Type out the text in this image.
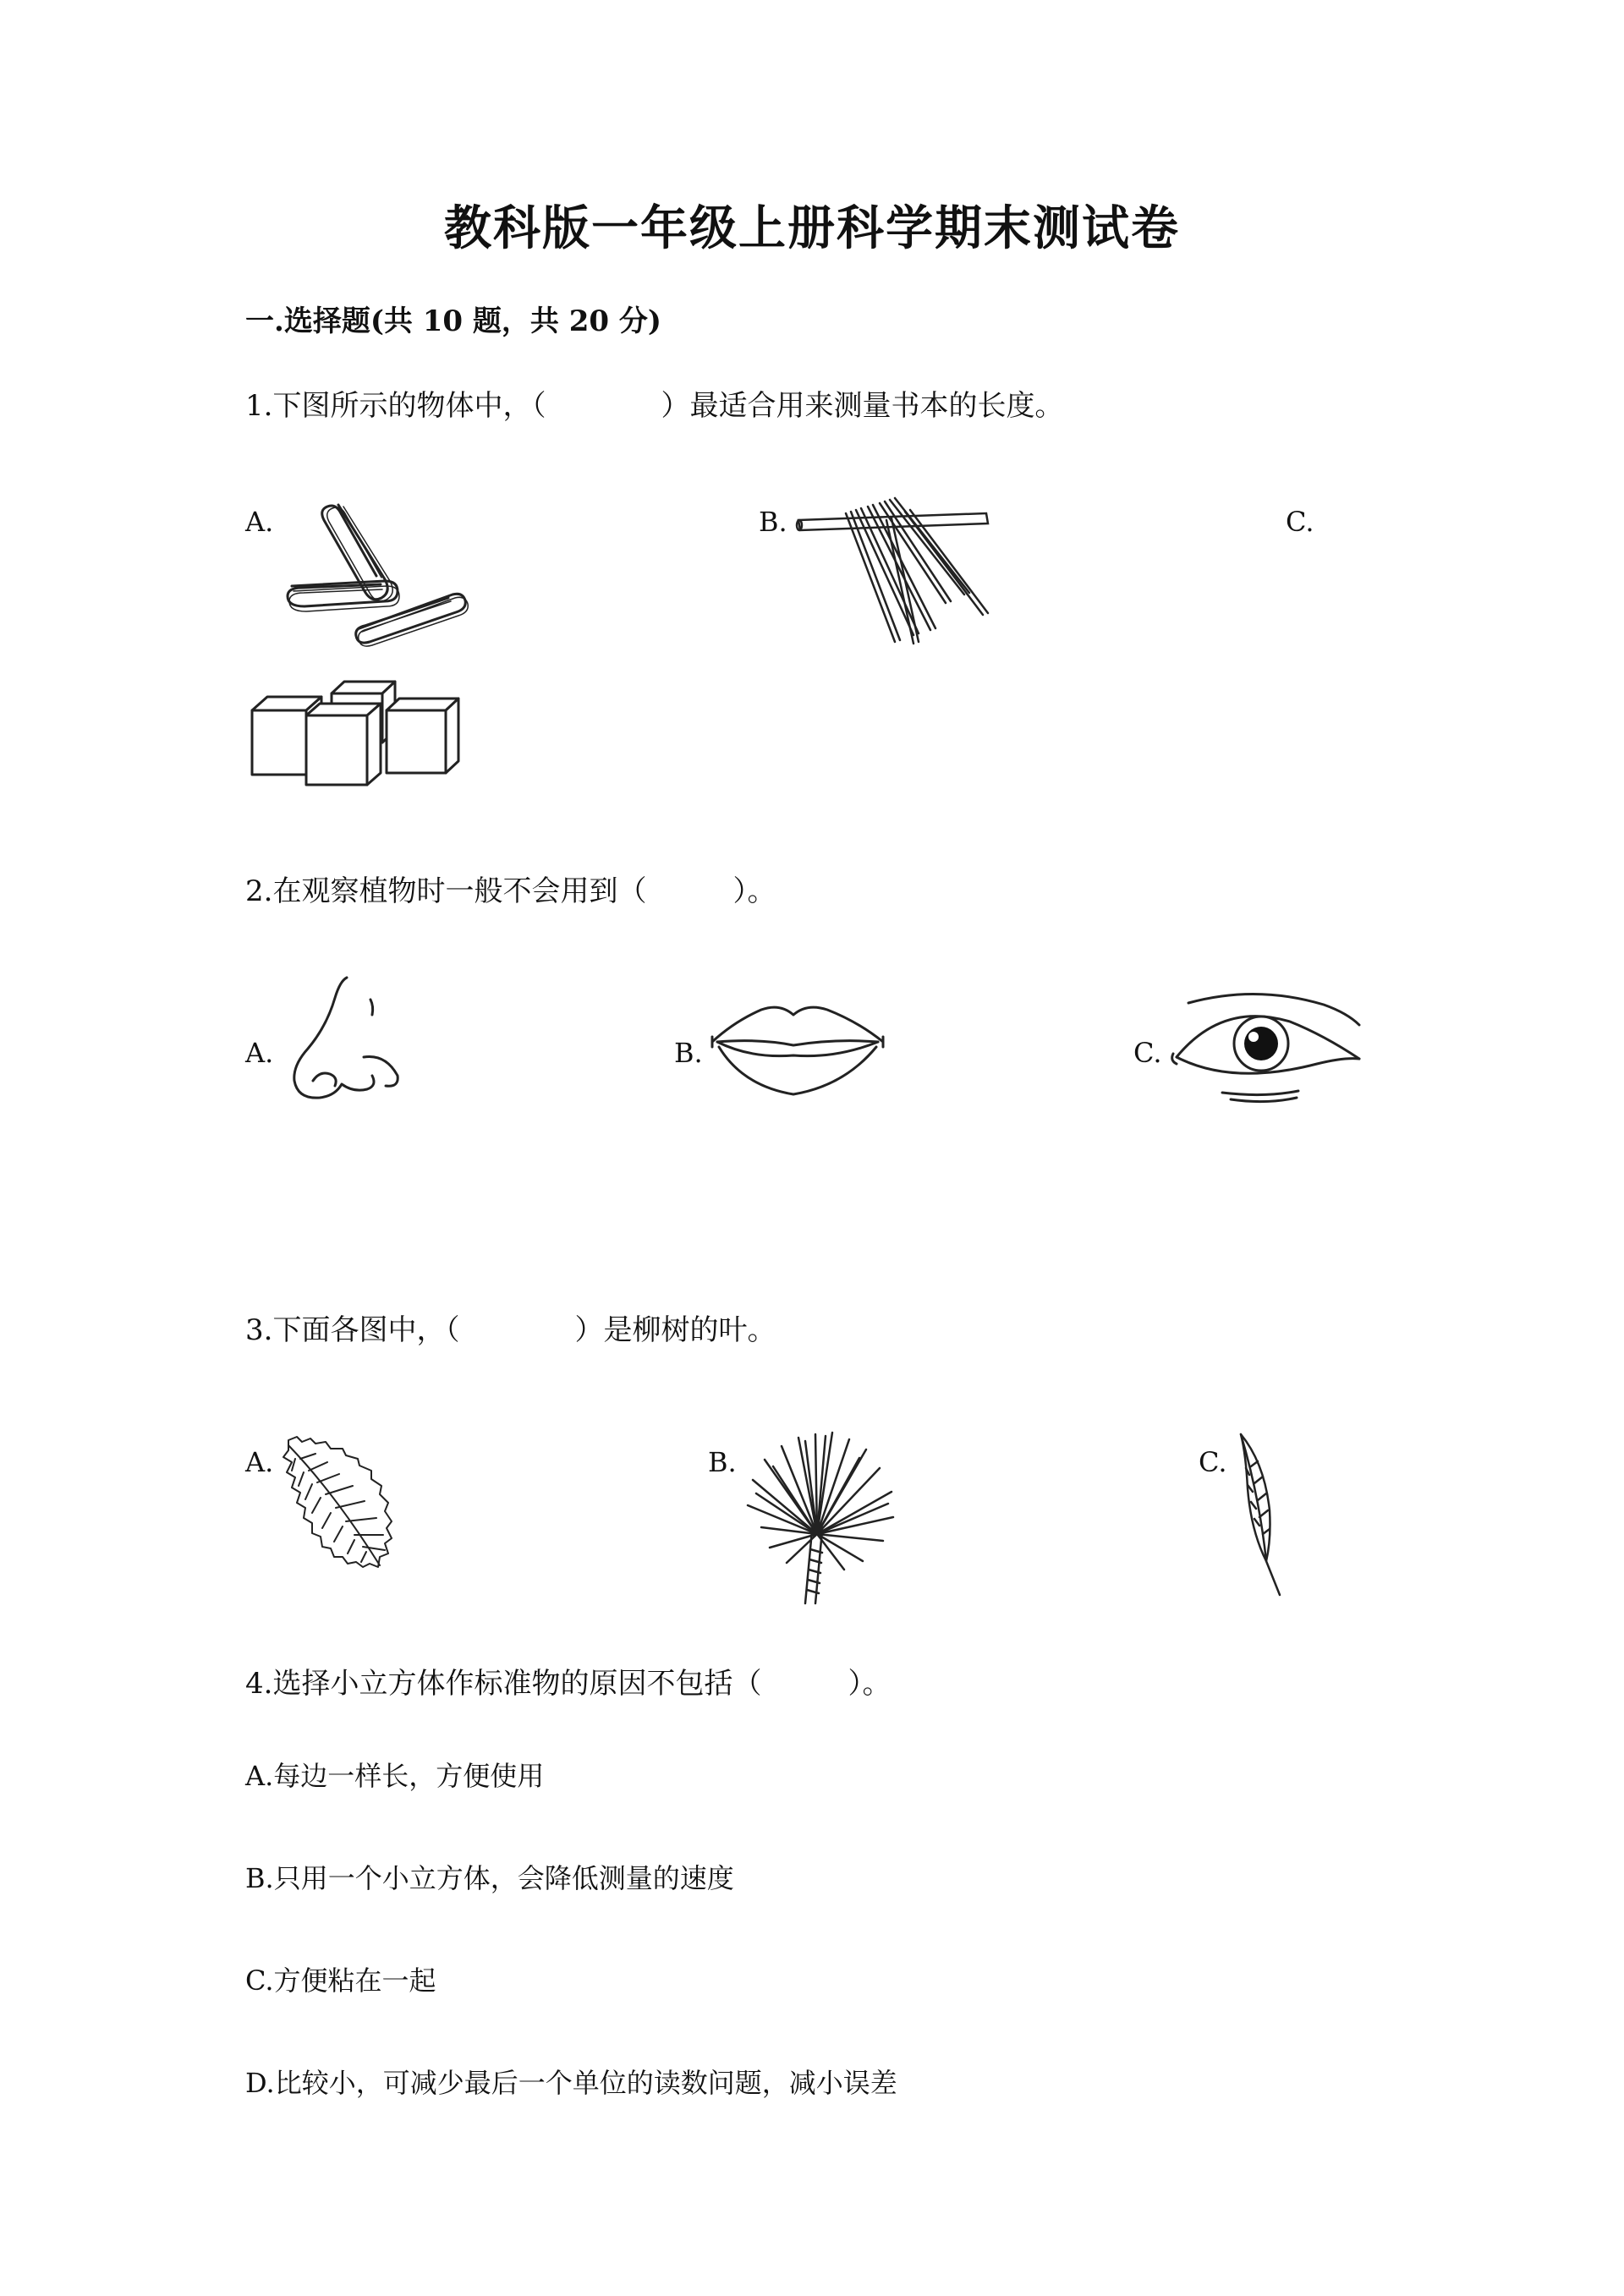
教科版一年级上册科学期末测试卷
一.选择题(共 10 题，共 20 分)
1.下图所示的物体中，（　　　　）最适合用来测量书本的长度。
A.	B.	C.
2.在观察植物时一般不会用到（　　　）。
A.	B.	C.
3.下面各图中，（　　　　）是柳树的叶。
A.	B.	C.
4.选择小立方体作标准物的原因不包括（　　　）。
A.每边一样长，方便使用
B.只用一个小立方体，会降低测量的速度
C.方便粘在一起
D.比较小，可减少最后一个单位的读数问题，减小误差
